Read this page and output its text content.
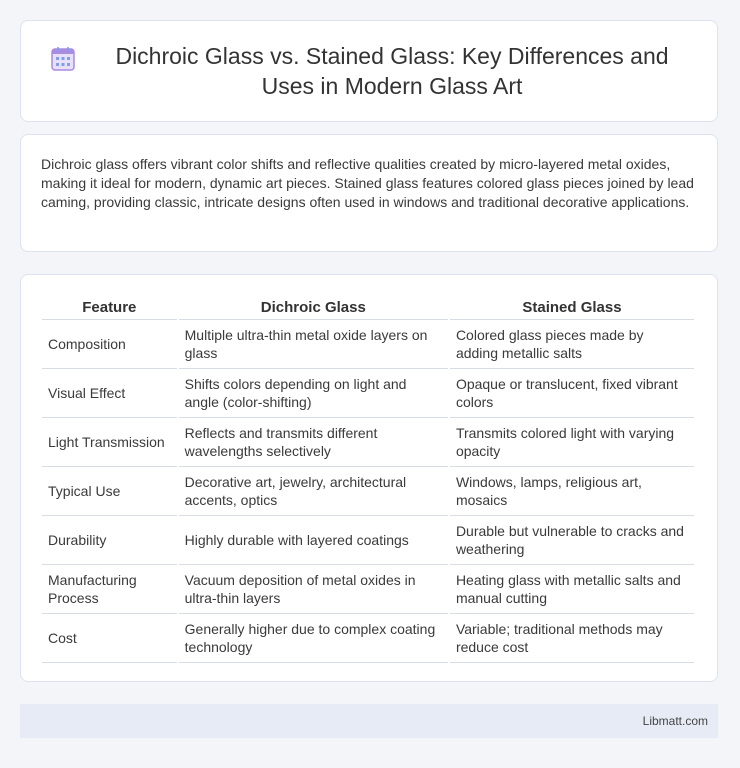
Dichroic Glass vs. Stained Glass: Key Differences and Uses in Modern Glass Art

Dichroic glass offers vibrant color shifts and reflective qualities created by micro-layered metal oxides, making it ideal for modern, dynamic art pieces. Stained glass features colored glass pieces joined by lead caming, providing classic, intricate designs often used in windows and traditional decorative applications.

Feature	Dichroic Glass	Stained Glass
Composition	Multiple ultra-thin metal oxide layers on glass	Colored glass pieces made by adding metallic salts
Visual Effect	Shifts colors depending on light and angle (color-shifting)	Opaque or translucent, fixed vibrant colors
Light Transmission	Reflects and transmits different wavelengths selectively	Transmits colored light with varying opacity
Typical Use	Decorative art, jewelry, architectural accents, optics	Windows, lamps, religious art, mosaics
Durability	Highly durable with layered coatings	Durable but vulnerable to cracks and weathering
Manufacturing Process	Vacuum deposition of metal oxides in ultra-thin layers	Heating glass with metallic salts and manual cutting
Cost	Generally higher due to complex coating technology	Variable; traditional methods may reduce cost
Libmatt.com
